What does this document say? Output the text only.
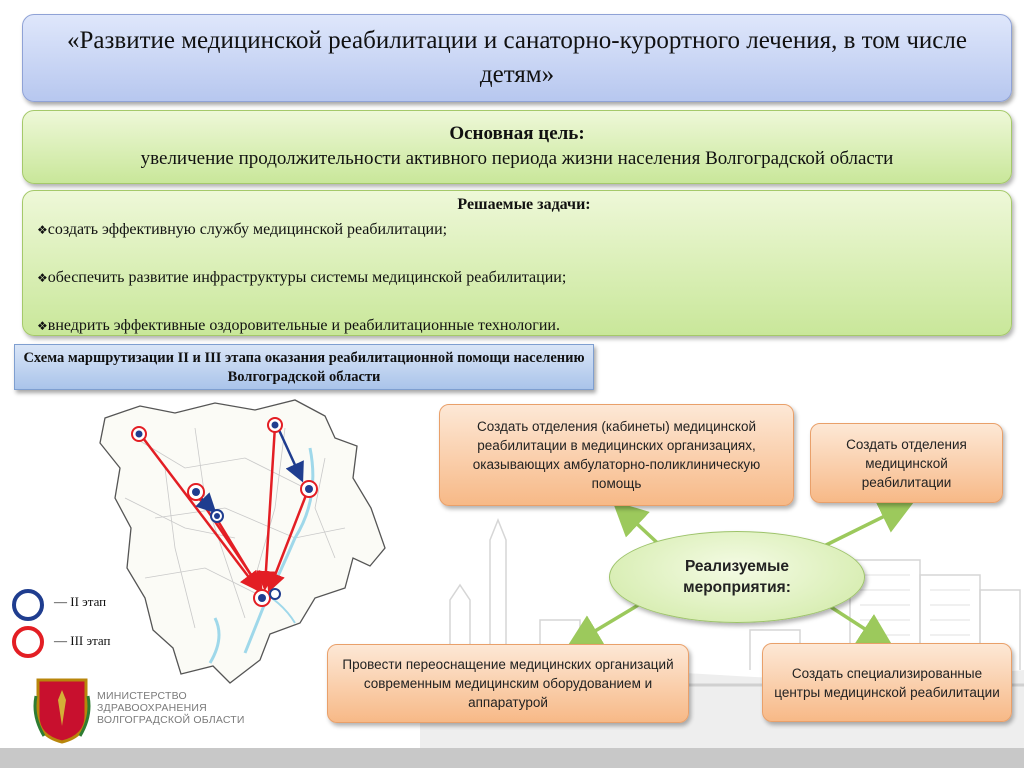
«Развитие медицинской реабилитации и санаторно-курортного лечения, в том числе детям»
Основная цель:
увеличение продолжительности активного периода жизни населения Волгоградской области
Решаемые задачи:
❖создать эффективную службу медицинской реабилитации;
❖обеспечить развитие инфраструктуры системы медицинской реабилитации;
❖внедрить эффективные оздоровительные и реабилитационные технологии.
Схема маршрутизации II и III этапа оказания реабилитационной помощи населению Волгоградской области
— II этап
— III этап
МИНИСТЕРСТВО
ЗДРАВООХРАНЕНИЯ
ВОЛГОГРАДСКОЙ ОБЛАСТИ
Создать отделения (кабинеты) медицинской реабилитации в медицинских организациях, оказывающих амбулаторно-поликлиническую помощь
Создать отделения медицинской реабилитации
Провести переоснащение медицинских организаций современным медицинским оборудованием и аппаратурой
Создать специализированные центры медицинской реабилитации
Реализуемые мероприятия:
